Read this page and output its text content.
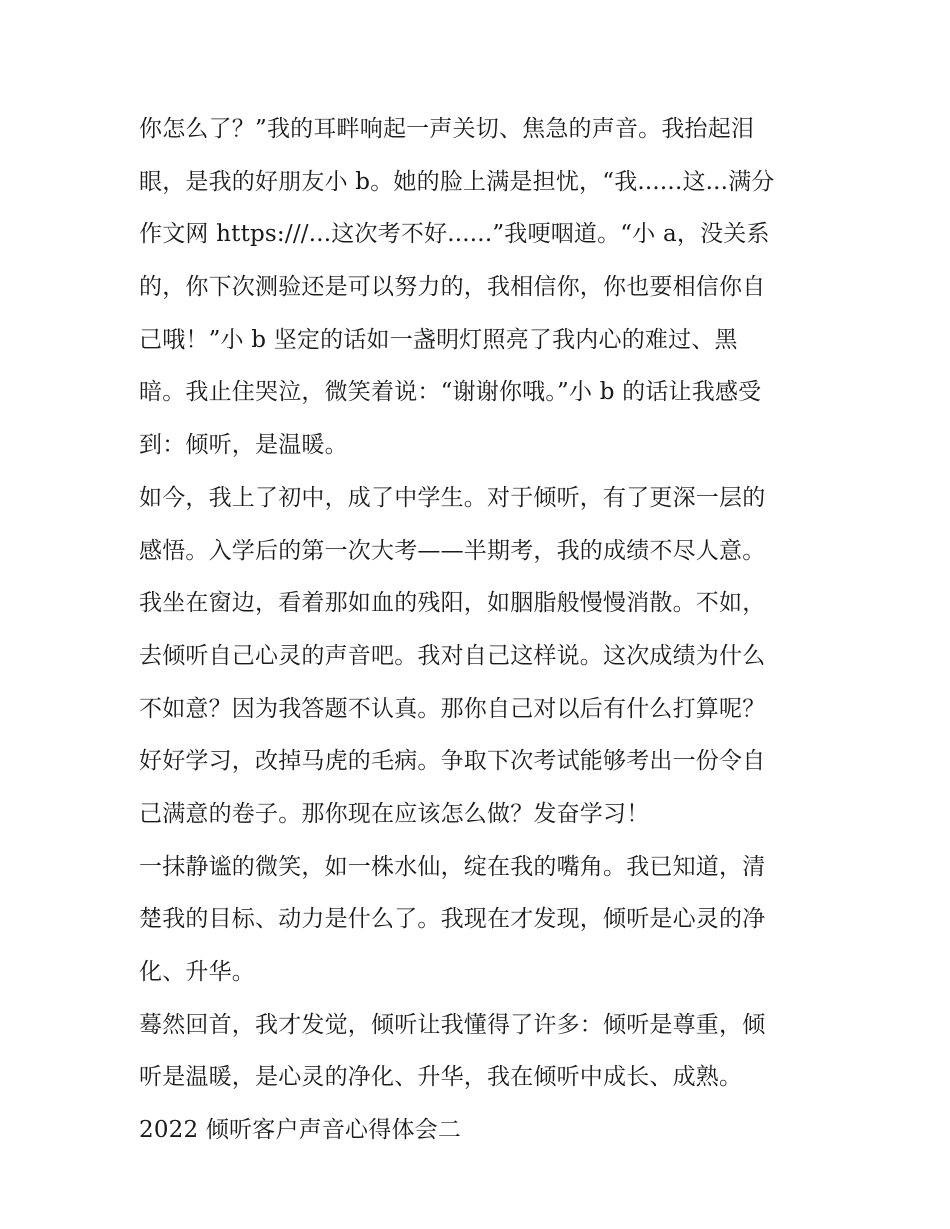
你怎么了？”我的耳畔响起一声关切、焦急的声音。我抬起泪
眼，是我的好朋友小 b。她的脸上满是担忧，“我......这...满分
作文网 https:///...这次考不好......”我哽咽道。“小 a，没关系
的，你下次测验还是可以努力的，我相信你，你也要相信你自
己哦！”小 b 坚定的话如一盏明灯照亮了我内心的难过、黑
暗。我止住哭泣，微笑着说：“谢谢你哦。”小 b 的话让我感受
到：倾听，是温暖。
如今，我上了初中，成了中学生。对于倾听，有了更深一层的
感悟。入学后的第一次大考——半期考，我的成绩不尽人意。
我坐在窗边，看着那如血的残阳，如胭脂般慢慢消散。不如，
去倾听自己心灵的声音吧。我对自己这样说。这次成绩为什么
不如意？因为我答题不认真。那你自己对以后有什么打算呢？
好好学习，改掉马虎的毛病。争取下次考试能够考出一份令自
己满意的卷子。那你现在应该怎么做？发奋学习！
一抹静谧的微笑，如一株水仙，绽在我的嘴角。我已知道，清
楚我的目标、动力是什么了。我现在才发现，倾听是心灵的净
化、升华。
蓦然回首，我才发觉，倾听让我懂得了许多：倾听是尊重，倾
听是温暖，是心灵的净化、升华，我在倾听中成长、成熟。
2022 倾听客户声音心得体会二
